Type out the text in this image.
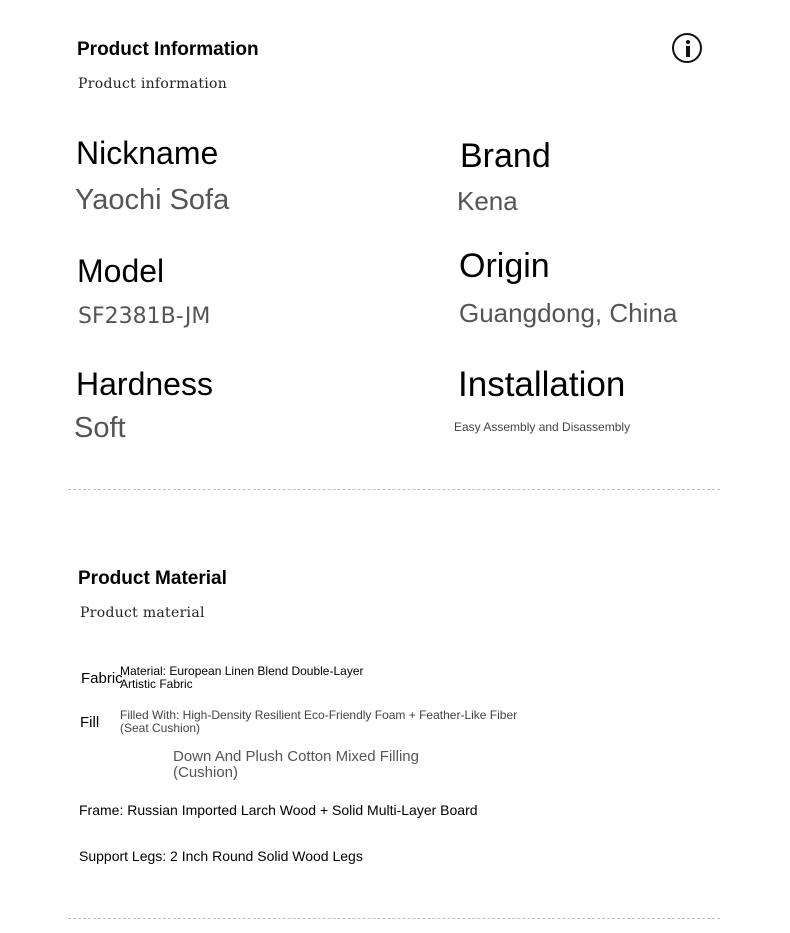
Product Information
Product information
Nickname
Yaochi Sofa
Brand
Kena
Model
SF2381B-JM
Origin
Guangdong, China
Hardness
Soft
Installation
Easy Assembly and Disassembly
Product Material
Product material
Fabric
Material: European Linen Blend Double-Layer Artistic Fabric
Fill Filled With: High-Density Resilient Eco-Friendly Foam + Feather-Like Fiber (Seat Cushion)
Down And Plush Cotton Mixed Filling (Cushion)
Frame: Russian Imported Larch Wood + Solid Multi-Layer Board
Support Legs: 2 Inch Round Solid Wood Legs
